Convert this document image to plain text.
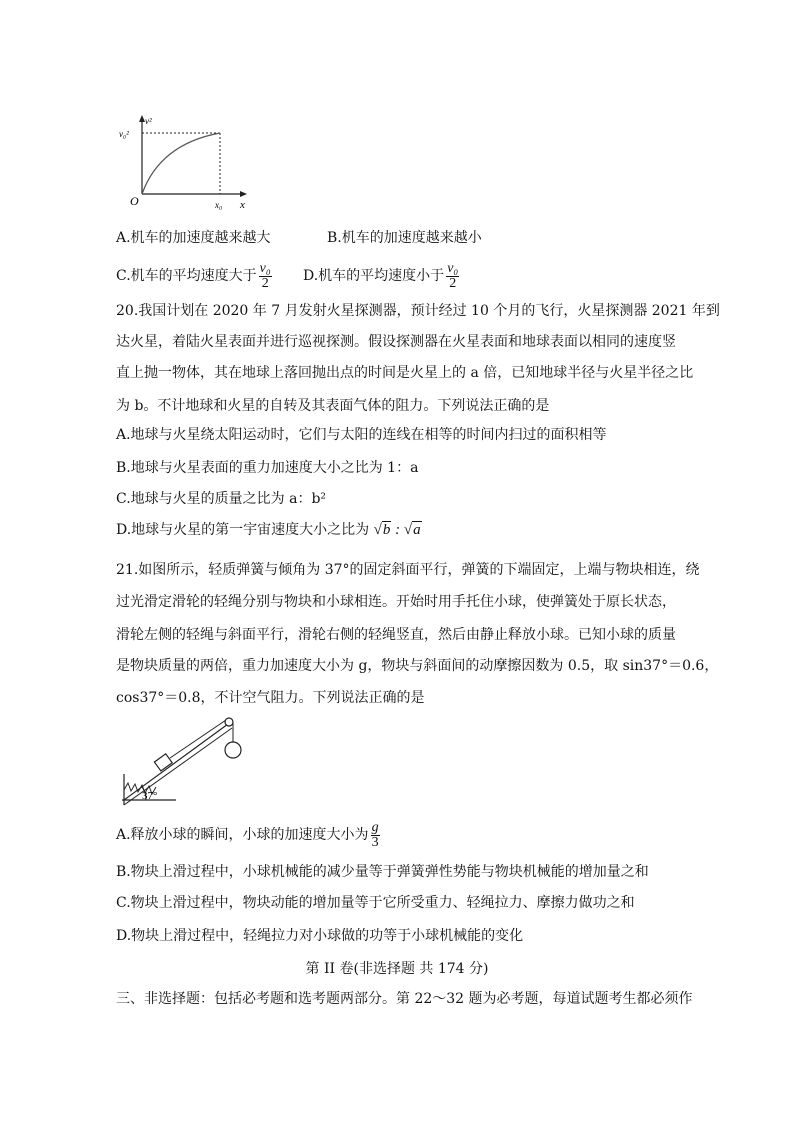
v²
v₀²
O	x₀ x
A.机车的加速度越来越大	B.机车的加速度越来越小
C.机车的平均速度大于 $\frac{\text{v₀}}{2} D$.机车的平均速度小于 $\frac{\text{v₀}}{2}$
20.我国计划在 2020 年 7 月发射火星探测器，预计经过 10 个月的飞行，火星探测器 2021 年到
达火星，着陆火星表面并进行巡视探测。假设探测器在火星表面和地球表面以相同的速度竖
直上抛一物体，其在地球上落回抛出点的时间是火星上的 a 倍，已知地球半径与火星半径之比
为 b。不计地球和火星的自转及其表面气体的阻力。下列说法正确的是
A.地球与火星绕太阳运动时，它们与太阳的连线在相等的时间内扫过的面积相等
B.地球与火星表面的重力加速度大小之比为 1：a
C.地球与火星的质量之比为 a：b²
D.地球与火星的第一宇宙速度大小之比为 √b : √a
21.如图所示，轻质弹簧与倾角为 37°的固定斜面平行，弹簧的下端固定，上端与物块相连，绕
过光滑定滑轮的轻绳分别与物块和小球相连。开始时用手托住小球，使弹簧处于原长状态，
滑轮左侧的轻绳与斜面平行，滑轮右侧的轻绳竖直，然后由静止释放小球。已知小球的质量
是物块质量的两倍，重力加速度大小为 g，物块与斜面间的动摩擦因数为 0.5，取 sin37°＝0.6，
cos37°＝0.8，不计空气阻力。下列说法正确的是
37°
A.释放小球的瞬间，小球的加速度大小为 $\frac{g}{3}$
B.物块上滑过程中，小球机械能的减少量等于弹簧弹性势能与物块机械能的增加量之和
C.物块上滑过程中，物块动能的增加量等于它所受重力、轻绳拉力、摩擦力做功之和
D.物块上滑过程中，轻绳拉力对小球做的功等于小球机械能的变化
第 II 卷(非选择题 共 174 分)
三、非选择题：包括必考题和选考题两部分。第 22～32 题为必考题，每道试题考生都必须作
